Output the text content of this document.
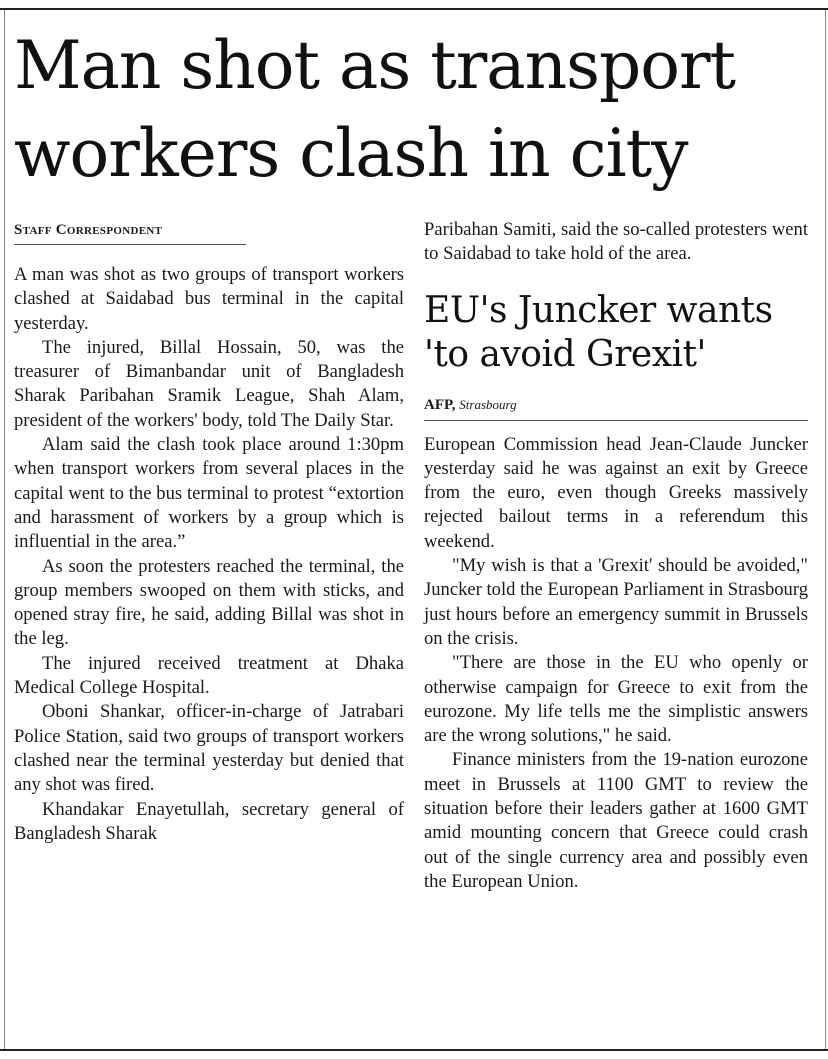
Man shot as transport workers clash in city
Staff Correspondent

A man was shot as two groups of transport workers clashed at Saidabad bus terminal in the capital yesterday.

The injured, Billal Hossain, 50, was the treasurer of Bimanbandar unit of Bangladesh Sharak Paribahan Sramik League, Shah Alam, president of the workers' body, told The Daily Star.

Alam said the clash took place around 1:30pm when transport workers from several places in the capital went to the bus terminal to protest “extortion and harassment of workers by a group which is influential in the area.”

As soon the protesters reached the terminal, the group members swooped on them with sticks, and opened stray fire, he said, adding Billal was shot in the leg.

The injured received treatment at Dhaka Medical College Hospital.

Oboni Shankar, officer-in-charge of Jatrabari Police Station, said two groups of transport workers clashed near the terminal yesterday but denied that any shot was fired.

Khandakar Enayetullah, secretary general of Bangladesh Sharak

Paribahan Samiti, said the so-called protesters went to Saidabad to take hold of the area.

EU's Juncker wants 'to avoid Grexit'
AFP, Strasbourg

European Commission head Jean-Claude Juncker yesterday said he was against an exit by Greece from the euro, even though Greeks massively rejected bailout terms in a referendum this weekend.

"My wish is that a 'Grexit' should be avoided," Juncker told the European Parliament in Strasbourg just hours before an emergency summit in Brussels on the crisis.

"There are those in the EU who openly or otherwise campaign for Greece to exit from the eurozone. My life tells me the simplistic answers are the wrong solutions," he said.

Finance ministers from the 19-nation eurozone meet in Brussels at 1100 GMT to review the situation before their leaders gather at 1600 GMT amid mounting concern that Greece could crash out of the single currency area and possibly even the European Union.
